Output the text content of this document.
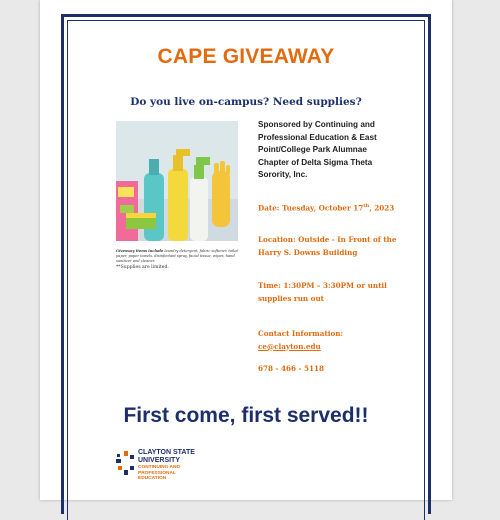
CAPE GIVEAWAY
Do you live on-campus? Need supplies?
Giveaway items include laundry detergent, fabric softener, toilet paper, paper towels, disinfectant spray, facial tissue, wipes, hand sanitizer and cleaner.
**Supplies are limited.

Sponsored by Continuing and Professional Education & East Point/College Park Alumnae Chapter of Delta Sigma Theta Sorority, Inc.

Date: Tuesday, October 17th, 2023

Location: Outside - In Front of the Harry S. Downs Building

Time: 1:30PM – 3:30PM or until supplies run out

Contact Information:

ce@clayton.edu

678 - 466 - 5118

First come, first served!!
CLAYTON STATE
UNIVERSITY
CONTINUING AND
PROFESSIONAL
EDUCATION
